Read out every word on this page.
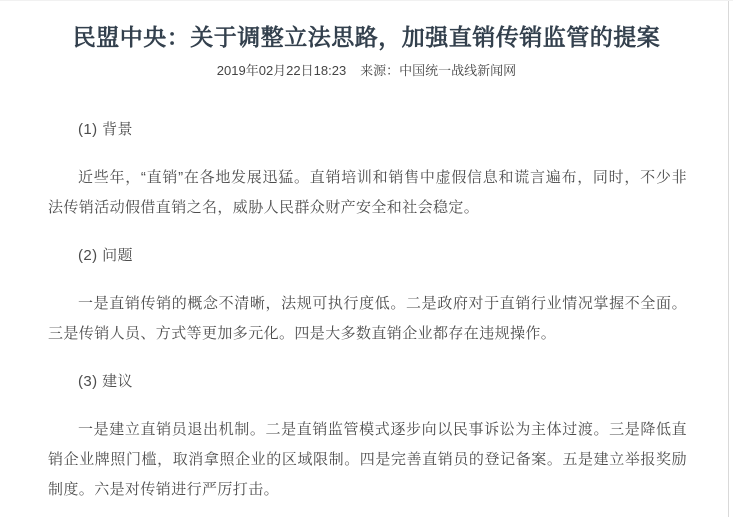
民盟中央：关于调整立法思路，加强直销传销监管的提案
2019年02月22日18:23 来源：中国统一战线新闻网

(1) 背景

近些年，“直销”在各地发展迅猛。直销培训和销售中虚假信息和谎言遍布，同时，不少非法传销活动假借直销之名，威胁人民群众财产安全和社会稳定。

(2) 问题

一是直销传销的概念不清晰，法规可执行度低。二是政府对于直销行业情况掌握不全面。三是传销人员、方式等更加多元化。四是大多数直销企业都存在违规操作。

(3) 建议

一是建立直销员退出机制。二是直销监管模式逐步向以民事诉讼为主体过渡。三是降低直销企业牌照门槛，取消拿照企业的区域限制。四是完善直销员的登记备案。五是建立举报奖励制度。六是对传销进行严厉打击。
